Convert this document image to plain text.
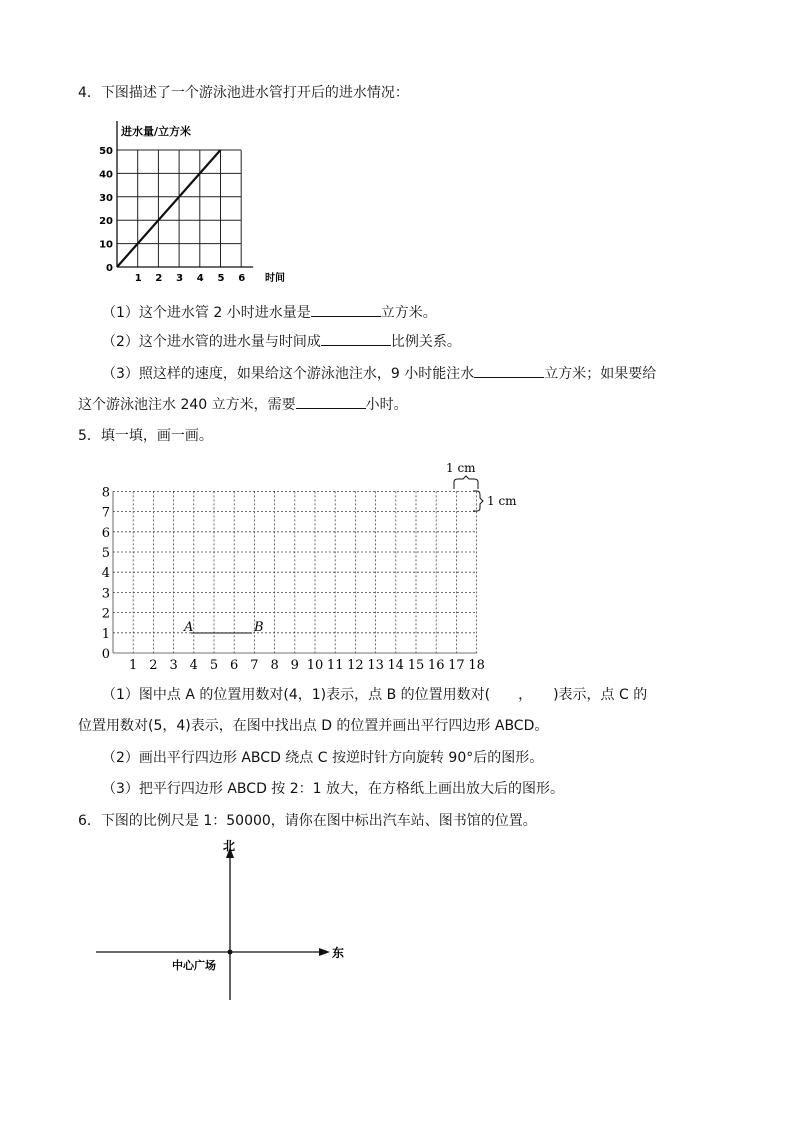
4．下图描述了一个游泳池进水管打开后的进水情况：
进水量/立方米
时间
1 2 3 4 5 6
0
10
20
30
40
50
（1）这个进水管 2 小时进水量是	立方米。
（2）这个进水管的进水量与时间成	比例关系。
（3）照这样的速度，如果给这个游泳池注水，9 小时能注水	立方米；如果要给
这个游泳池注水 240 立方米，需要	小时。
5．填一填，画一画。
1 2 3 4 5 6 7 8 9 10 11 12 13 14 15 16 17 18
0
1
2
3
4
5
6
7
8
1 cm
1 cm
A	B
（1）图中点 A 的位置用数对(4，1)表示，点 B 的位置用数对(　　，　　)表示，点 C 的
位置用数对(5，4)表示，在图中找出点 D 的位置并画出平行四边形 ABCD。
（2）画出平行四边形 ABCD 绕点 C 按逆时针方向旋转 90°后的图形。
（3）把平行四边形 ABCD 按 2：1 放大，在方格纸上画出放大后的图形。
6．下图的比例尺是 1：50000，请你在图中标出汽车站、图书馆的位置。
北
东
中心广场
